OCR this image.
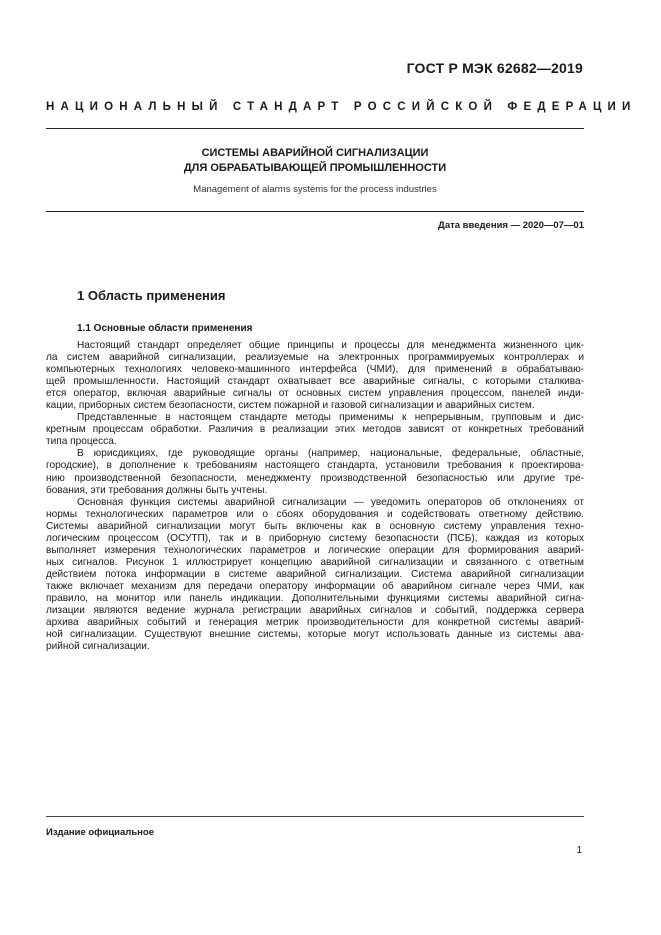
ГОСТ Р МЭК 62682—2019
НАЦИОНАЛЬНЫЙ СТАНДАРТ РОССИЙСКОЙ ФЕДЕРАЦИИ
СИСТЕМЫ АВАРИЙНОЙ СИГНАЛИЗАЦИИ
ДЛЯ ОБРАБАТЫВАЮЩЕЙ ПРОМЫШЛЕННОСТИ
Management of alarms systems for the process industries
Дата введения — 2020—07—01
1 Область применения
1.1 Основные области применения

Настоящий стандарт определяет общие принципы и процессы для менеджмента жизненного цик-
ла систем аварийной сигнализации, реализуемые на электронных программируемых контроллерах и
компьютерных технологиях человеко-машинного интерфейса (ЧМИ), для применений в обрабатываю-
щей промышленности. Настоящий стандарт охватывает все аварийные сигналы, с которыми сталкива-
ется оператор, включая аварийные сигналы от основных систем управления процессом, панелей инди-
кации, приборных систем безопасности, систем пожарной и газовой сигнализации и аварийных систем.

Представленные в настоящем стандарте методы применимы к непрерывным, групповым и дис-
кретным процессам обработки. Различия в реализации этих методов зависят от конкретных требований
типа процесса.

В юрисдикциях, где руководящие органы (например, национальные, федеральные, областные,
городские), в дополнение к требованиям настоящего стандарта, установили требования к проектирова-
нию производственной безопасности, менеджменту производственной безопасностью или другие тре-
бования, эти требования должны быть учтены.

Основная функция системы аварийной сигнализации — уведомить операторов об отклонениях от
нормы технологических параметров или о сбоях оборудования и содействовать ответному действию.
Системы аварийной сигнализации могут быть включены как в основную систему управления техно-
логическим процессом (ОСУТП), так и в приборную систему безопасности (ПСБ), каждая из которых
выполняет измерения технологических параметров и логические операции для формирования аварий-
ных сигналов. Рисунок 1 иллюстрирует концепцию аварийной сигнализации и связанного с ответным
действием потока информации в системе аварийной сигнализации. Система аварийной сигнализации
также включает механизм для передачи оператору информации об аварийном сигнале через ЧМИ, как
правило, на монитор или панель индикации. Дополнительными функциями системы аварийной сигна-
лизации являются ведение журнала регистрации аварийных сигналов и событий, поддержка сервера
архива аварийных событий и генерация метрик производительности для конкретной системы аварий-
ной сигнализации. Существуют внешние системы, которые могут использовать данные из системы ава-
рийной сигнализации.

Издание официальное
1
